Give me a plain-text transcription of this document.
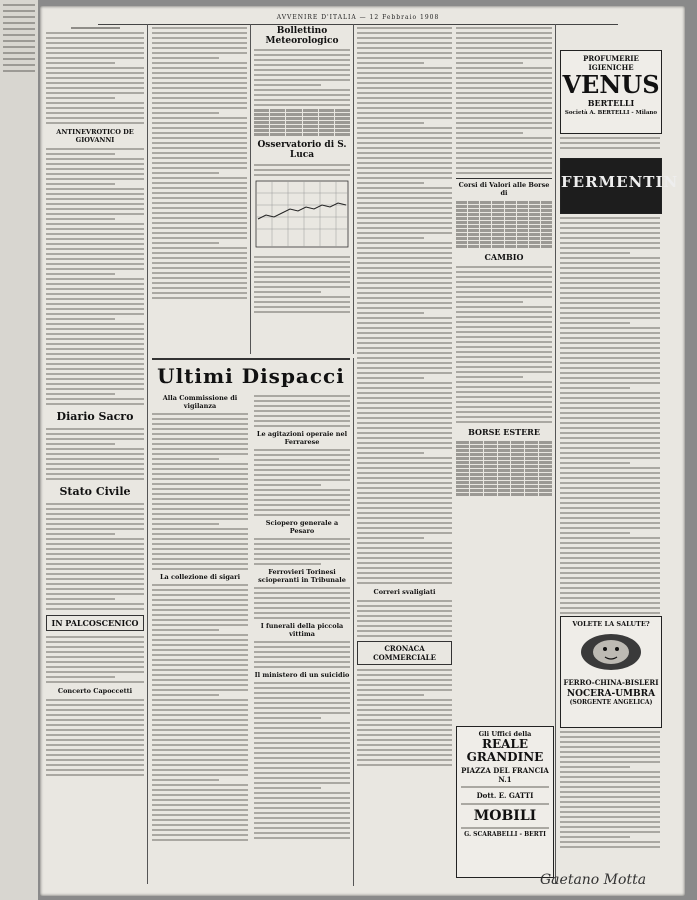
AVVENIRE D'ITALIA — 12 Febbraio 1908
ANTINEVROTICO DE GIOVANNI
Diario Sacro
Stato Civile
IN PALCOSCENICO
Concerto Capoccetti
Bollettino Meteorologico
Osservatorio di S. Luca
Correri svaligiati
CRONACA COMMERCIALE
Ultimi Dispacci
Alla Commissione di vigilanza
La collezione di sigari
Le agitazioni operaie nel Ferrarese
Sciopero generale a Pesaro
Ferrovieri Torinesi scioperanti in Tribunale
I funerali della piccola vittima
Il ministero di un suicidio
Corsi di Valori alle Borse di
CAMBIO
BORSE ESTERE
Gli Uffici della
REALE GRANDINE
PIAZZA DEL FRANCIA N.1
Dott. E. GATTI
MOBILI
G. SCARABELLI - BERTI
PROFUMERIE
IGIENICHE
VENUS
BERTELLI
Società A. BERTELLI - Milano
FERMENTIN
VOLETE LA SALUTE?
FERRO-CHINA-BISLERI
NOCERA-UMBRA
(SORGENTE ANGELICA)
Gaetano Motta
